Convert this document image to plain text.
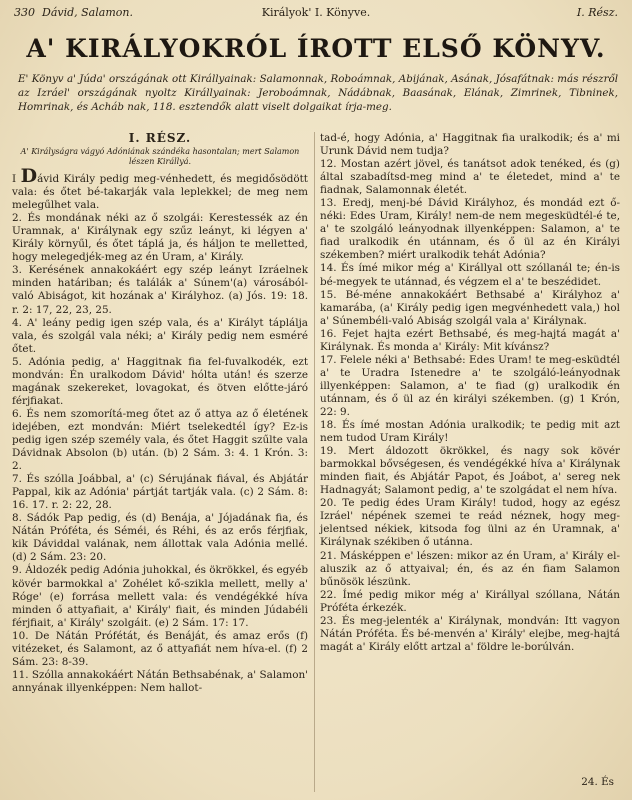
330 Dávid, Salamon.	Királyok' I. Könyve.	I. Rész.
A' KIRÁLYOKRÓL ÍROTT ELSŐ KÖNYV.
E' Könyv a' Júda' országának ott Királlyainak: Salamonnak, Roboámnak, Abijának, Asának, Jósafátnak: más részről az Izráel' országának nyoltz Királlyainak: Jeroboámnak, Nádábnak, Baasának, Elának, Zimrinek, Tibninek, Homrinak, és Acháb nak, 118. esztendők alatt viselt dolgaikat írja-meg.
I. RÉSZ.

A' Királyságra vágyó Adóniának szándéka hasontalan; mert Salamon lészen Királlyá.

I Dávid Király pedig meg-vénhedett, és megidősödött vala: és őtet bé-takarják vala leplekkel; de meg nem melegűlhet vala.

2. És mondának néki az ő szolgái: Kerestessék az én Uramnak, a' Királynak egy szűz leányt, ki légyen a' Király környűl, és őtet táplá ja, és háljon te melletted, hogy melegedjék-meg az én Uram, a' Király.

3. Kerésének annakokáért egy szép leányt Izráelnek minden határiban; és találák a' Súnem'(a) városából-való Abiságot, kit hozának a' Királyhoz. (a) Jós. 19: 18. r. 2: 17, 22, 23, 25.

4. A' leány pedig igen szép vala, és a' Királyt táplálja vala, és szolgál vala néki; a' Király pedig nem esméré őtet.

5. Adónia pedig, a' Haggitnak fia fel-fuvalkodék, ezt mondván: Én uralkodom Dávid' hólta után! és szerze magának szekereket, lovagokat, és ötven előtte-járó férjfiakat.

6. És nem szomorítá-meg őtet az ő attya az ő életének idejében, ezt mondván: Miért tselekedtél így? Ez-is pedig igen szép személy vala, és őtet Haggit szűlte vala Dávidnak Absolon (b) után. (b) 2 Sám. 3: 4. 1 Krón. 3: 2.

7. És szólla Joábbal, a' (c) Sérujának fiával, és Abjátár Pappal, kik az Adónia' pártját tartják vala. (c) 2 Sám. 8: 16. 17. r. 2: 22, 28.

8. Sádók Pap pedig, és (d) Benája, a' Jójadának fia, és Nátán Próféta, és Séméi, és Réhi, és az erős férjfiak, kik Dáviddal valának, nem állottak vala Adónia mellé. (d) 2 Sám. 23: 20.

9. Áldozék pedig Adónia juhokkal, és ökrökkel, és egyéb kövér barmokkal a' Zohélet kő-szikla mellett, melly a' Róge' (e) forrása mellett vala: és vendégékké híva minden ő attyafiait, a' Király' fiait, és minden Júdabéli férjfiait, a' Király' szolgáit. (e) 2 Sám. 17: 17.

10. De Nátán Prófétát, és Benáját, és amaz erős (f) vitézeket, és Salamont, az ő attyafiát nem híva-el. (f) 2 Sám. 23: 8-39.

11. Szólla annakokáért Nátán Bethsabénak, a' Salamon' annyának illyenképpen: Nem hallot-

tad-é, hogy Adónia, a' Haggitnak fia uralkodik; és a' mi Urunk Dávid nem tudja?

12. Mostan azért jövel, és tanátsot adok tenéked, és (g) által szabadítsd-meg mind a' te életedet, mind a' te fiadnak, Salamonnak életét.

13. Eredj, menj-bé Dávid Királyhoz, és mondád ezt ő-néki: Edes Uram, Király! nem-de nem megesküdtél-é te, a' te szolgáló leányodnak illyenképpen: Salamon, a' te fiad uralkodik én utánnam, és ő ül az én Királyi székemben? miért uralkodik tehát Adónia?

14. És ímé mikor még a' Királlyal ott szóllanál te; én-is bé-megyek te utánnad, és végzem el a' te beszédidet.

15. Bé-méne annakokáért Bethsabé a' Királyhoz a' kamarába, (a' Király pedig igen megvénhedett vala,) hol a' Súnembéli-való Abiság szolgál vala a' Királynak.

16. Fejet hajta ezért Bethsabé, és meg-hajtá magát a' Királynak. És monda a' Király: Mit kívánsz?

17. Felele néki a' Bethsabé: Edes Uram! te meg-esküdtél a' te Uradra Istenedre a' te szolgáló-leányodnak illyenképpen: Salamon, a' te fiad (g) uralkodik én utánnam, és ő ül az én királyi székemben. (g) 1 Krón, 22: 9.

18. És ímé mostan Adónia uralkodik; te pedig mit azt nem tudod Uram Király!

19. Mert áldozott ökrökkel, és nagy sok kövér barmokkal bővségesen, és vendégékké híva a' Királynak minden fiait, és Abjátár Papot, és Joábot, a' sereg nek Hadnagyát; Salamont pedig, a' te szolgádat el nem híva.

20. Te pedig édes Uram Király! tudod, hogy az egész Izráel' népének szemei te reád néznek, hogy meg-jelentsed nékiek, kitsoda fog ülni az én Uramnak, a' Királynak székiben ő utánna.

21. Másképpen e' lészen: mikor az én Uram, a' Király el-aluszik az ő attyaival; én, és az én fiam Salamon bűnösök lészünk.

22. Ímé pedig mikor még a' Királlyal szóllana, Nátán Próféta érkezék.

23. És meg-jelenték a' Királynak, mondván: Itt vagyon Nátán Próféta. És bé-menvén a' Király' elejbe, meg-hajtá magát a' Király előtt artzal a' földre le-borúlván.

24. És
